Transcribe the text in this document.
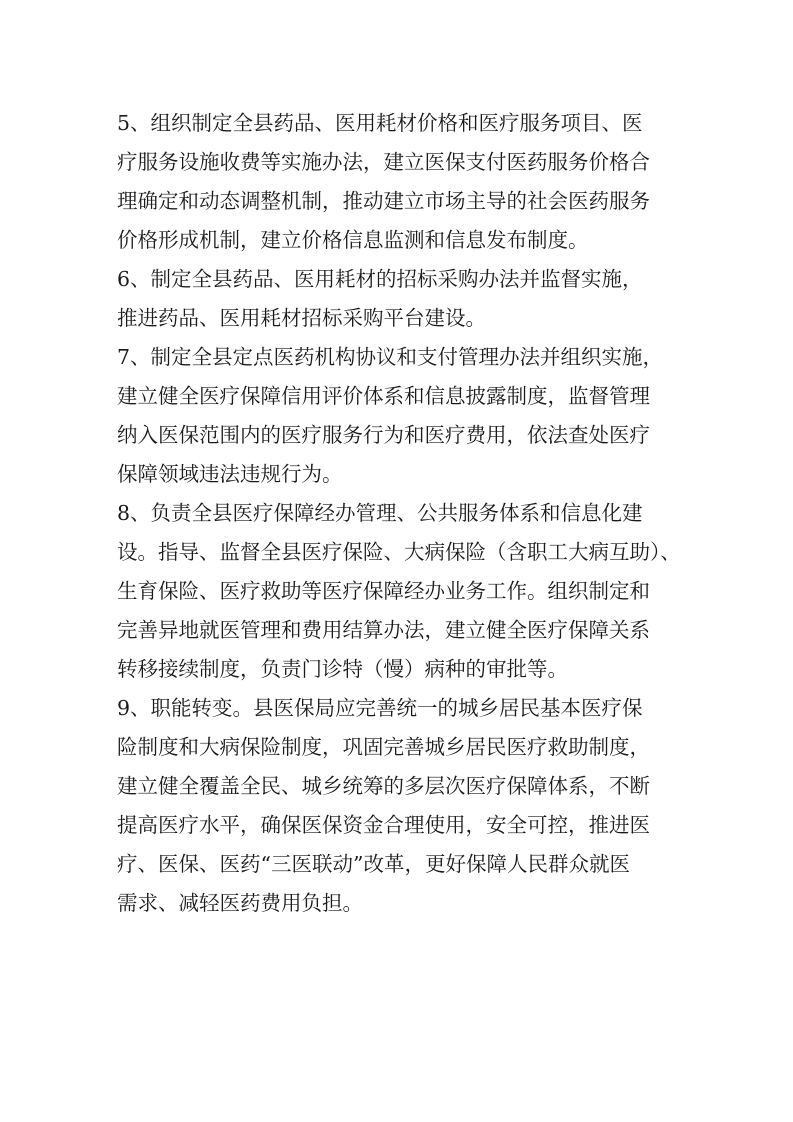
5、组织制定全县药品、医用耗材价格和医疗服务项目、医
疗服务设施收费等实施办法，建立医保支付医药服务价格合
理确定和动态调整机制，推动建立市场主导的社会医药服务
价格形成机制，建立价格信息监测和信息发布制度。
6、制定全县药品、医用耗材的招标采购办法并监督实施，
推进药品、医用耗材招标采购平台建设。
7、制定全县定点医药机构协议和支付管理办法并组织实施，
建立健全医疗保障信用评价体系和信息披露制度，监督管理
纳入医保范围内的医疗服务行为和医疗费用，依法查处医疗
保障领域违法违规行为。
8、负责全县医疗保障经办管理、公共服务体系和信息化建
设。指导、监督全县医疗保险、大病保险（含职工大病互助）、
生育保险、医疗救助等医疗保障经办业务工作。组织制定和
完善异地就医管理和费用结算办法，建立健全医疗保障关系
转移接续制度，负责门诊特（慢）病种的审批等。
9、职能转变。县医保局应完善统一的城乡居民基本医疗保
险制度和大病保险制度，巩固完善城乡居民医疗救助制度，
建立健全覆盖全民、城乡统筹的多层次医疗保障体系，不断
提高医疗水平，确保医保资金合理使用，安全可控，推进医
疗、医保、医药“三医联动”改革，更好保障人民群众就医
需求、减轻医药费用负担。
